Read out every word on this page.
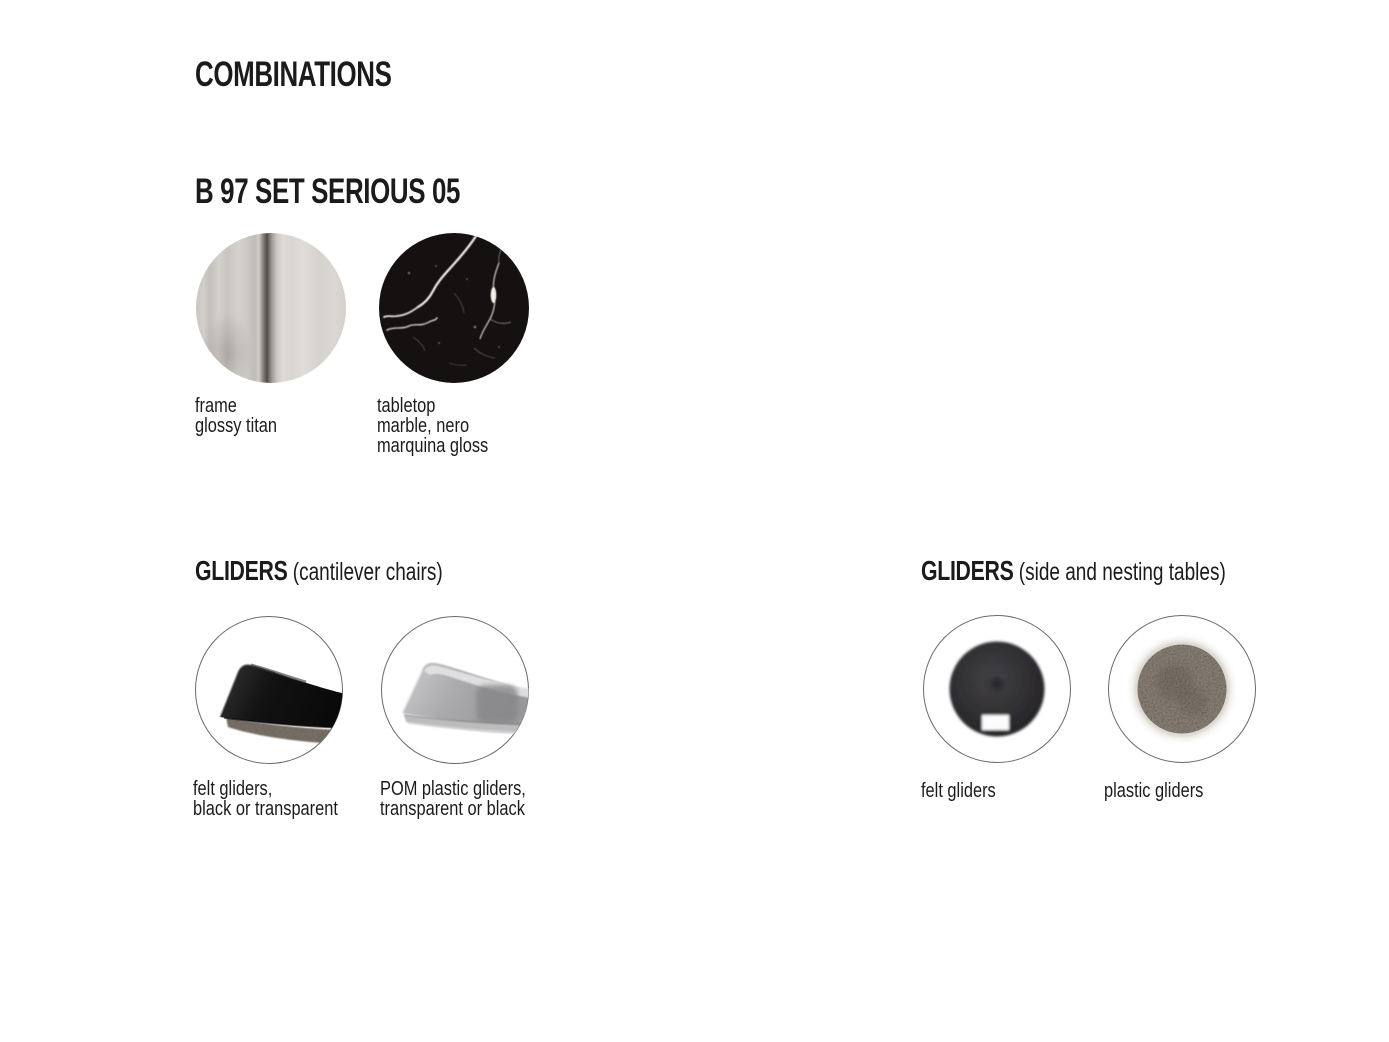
COMBINATIONS
B 97 SET SERIOUS 05
frame
glossy titan
tabletop
marble, nero
marquina gloss
GLIDERS (cantilever chairs)
felt gliders,
black or transparent
POM plastic gliders,
transparent or black
GLIDERS (side and nesting tables)
felt gliders	plastic gliders
